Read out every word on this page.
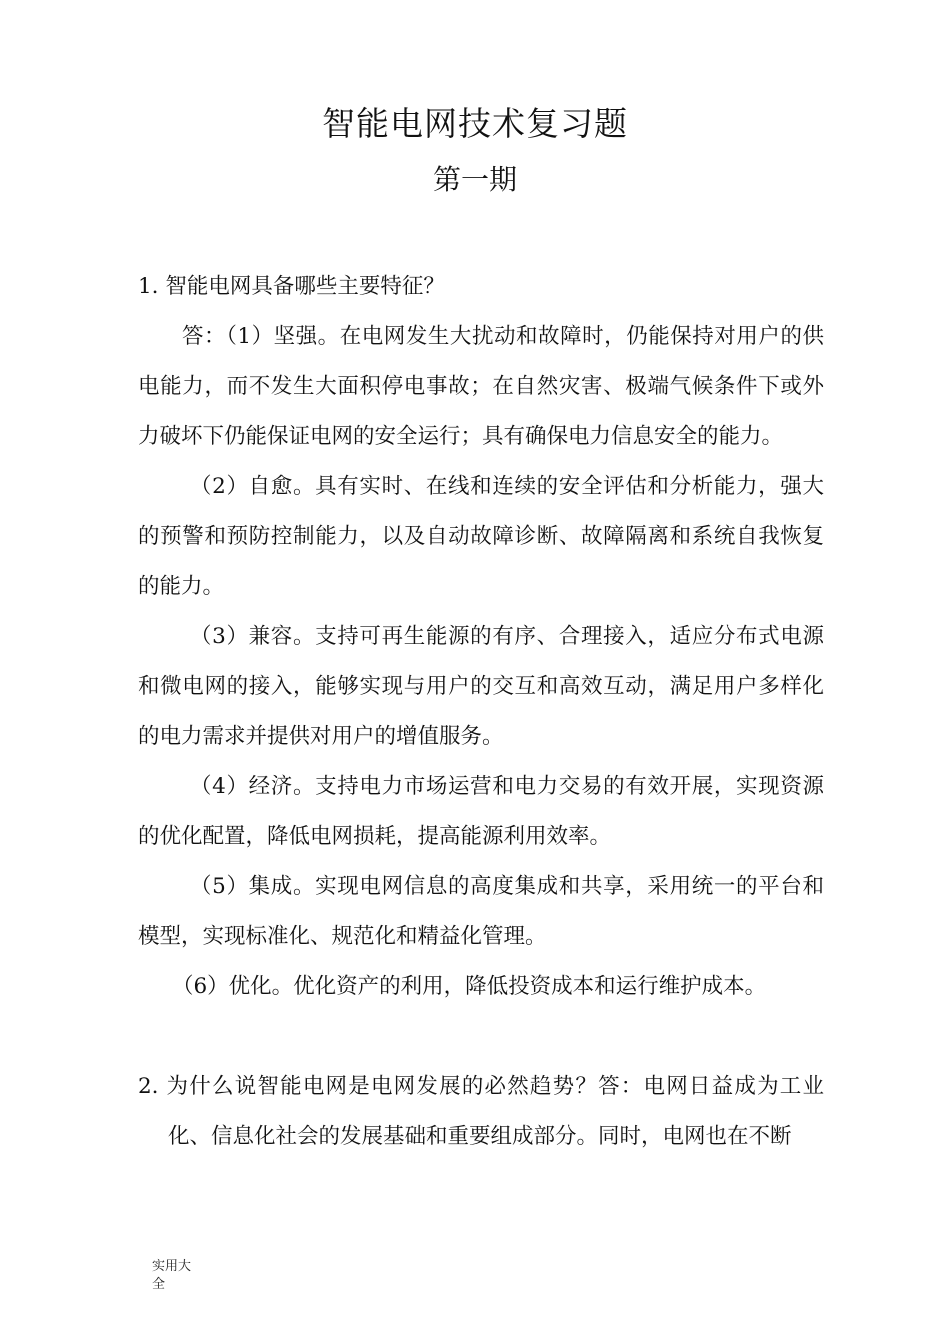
智能电网技术复习题
第一期

1. 智能电网具备哪些主要特征？

答：（1）坚强。在电网发生大扰动和故障时，仍能保持对用户的供电能力，而不发生大面积停电事故；在自然灾害、极端气候条件下或外力破坏下仍能保证电网的安全运行；具有确保电力信息安全的能力。

（2）自愈。具有实时、在线和连续的安全评估和分析能力，强大的预警和预防控制能力，以及自动故障诊断、故障隔离和系统自我恢复的能力。

（3）兼容。支持可再生能源的有序、合理接入，适应分布式电源和微电网的接入，能够实现与用户的交互和高效互动，满足用户多样化的电力需求并提供对用户的增值服务。

（4）经济。支持电力市场运营和电力交易的有效开展，实现资源的优化配置，降低电网损耗，提高能源利用效率。

（5）集成。实现电网信息的高度集成和共享，采用统一的平台和模型，实现标准化、规范化和精益化管理。

（6）优化。优化资产的利用，降低投资成本和运行维护成本。

2. 为什么说智能电网是电网发展的必然趋势？答：电网日益成为工业化、信息化社会的发展基础和重要组成部分。同时，电网也在不断

实用大全
